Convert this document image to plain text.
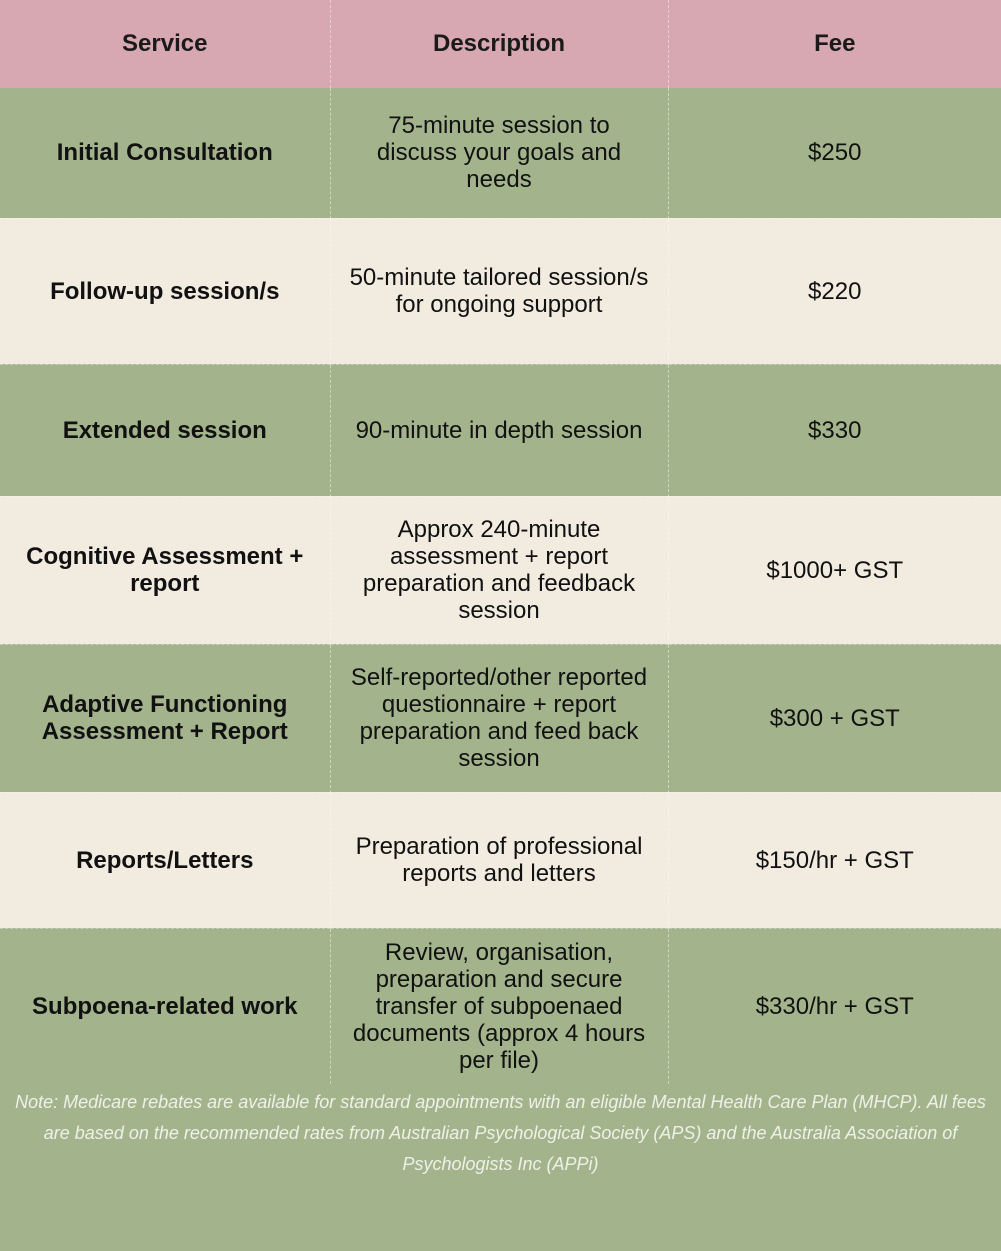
Service	Description	Fee
Initial Consultation	75-minute session to discuss your goals and needs	$250
Follow-up session/s	50-minute tailored session/s for ongoing support	$220
Extended session	90-minute in depth session	$330
Cognitive Assessment + report	Approx 240-minute assessment + report preparation and feedback session	$1000+ GST
Adaptive Functioning Assessment + Report	Self-reported/other reported questionnaire + report preparation and feed back session	$300 + GST
Reports/Letters	Preparation of professional reports and letters	$150/hr + GST
Subpoena-related work	Review, organisation, preparation and secure transfer of subpoenaed documents (approx 4 hours per file)	$330/hr + GST
Note: Medicare rebates are available for standard appointments with an eligible Mental Health Care Plan (MHCP). All fees are based on the recommended rates from Australian Psychological Society (APS) and the Australia Association of Psychologists Inc (APPi)
